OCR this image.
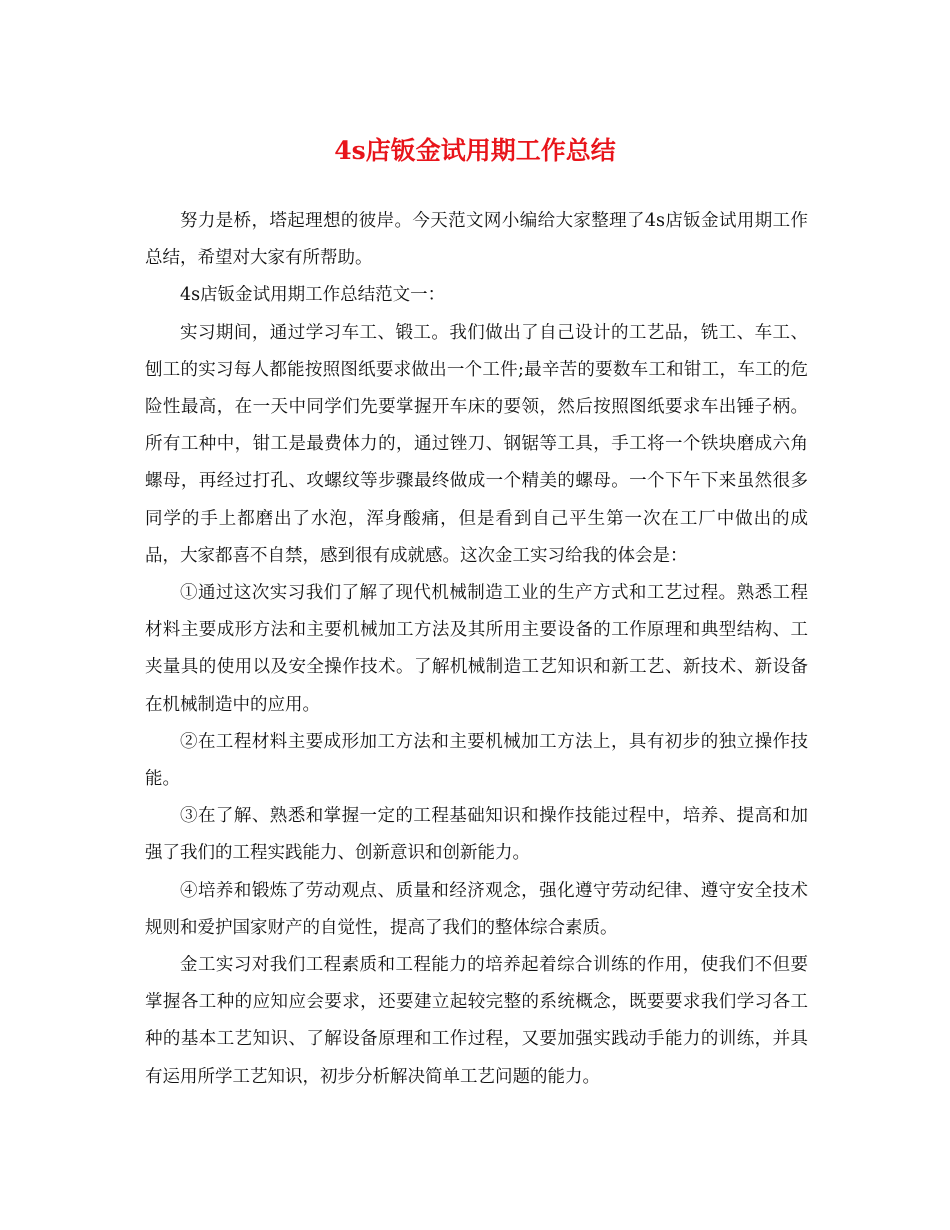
4s店钣金试用期工作总结

努力是桥，塔起理想的彼岸。今天范文网小编给大家整理了4s店钣金试用期工作总结，希望对大家有所帮助。

4s店钣金试用期工作总结范文一：

实习期间，通过学习车工、锻工。我们做出了自己设计的工艺品，铣工、车工、刨工的实习每人都能按照图纸要求做出一个工件;最辛苦的要数车工和钳工，车工的危险性最高，在一天中同学们先要掌握开车床的要领，然后按照图纸要求车出锤子柄。所有工种中，钳工是最费体力的，通过锉刀、钢锯等工具，手工将一个铁块磨成六角螺母，再经过打孔、攻螺纹等步骤最终做成一个精美的螺母。一个下午下来虽然很多同学的手上都磨出了水泡，浑身酸痛，但是看到自己平生第一次在工厂中做出的成品，大家都喜不自禁，感到很有成就感。这次金工实习给我的体会是：

①通过这次实习我们了解了现代机械制造工业的生产方式和工艺过程。熟悉工程材料主要成形方法和主要机械加工方法及其所用主要设备的工作原理和典型结构、工夹量具的使用以及安全操作技术。了解机械制造工艺知识和新工艺、新技术、新设备在机械制造中的应用。

②在工程材料主要成形加工方法和主要机械加工方法上，具有初步的独立操作技能。

③在了解、熟悉和掌握一定的工程基础知识和操作技能过程中，培养、提高和加强了我们的工程实践能力、创新意识和创新能力。

④培养和锻炼了劳动观点、质量和经济观念，强化遵守劳动纪律、遵守安全技术规则和爱护国家财产的自觉性，提高了我们的整体综合素质。

金工实习对我们工程素质和工程能力的培养起着综合训练的作用，使我们不但要掌握各工种的应知应会要求，还要建立起较完整的系统概念，既要要求我们学习各工种的基本工艺知识、了解设备原理和工作过程，又要加强实践动手能力的训练，并具有运用所学工艺知识，初步分析解决简单工艺问题的能力。
